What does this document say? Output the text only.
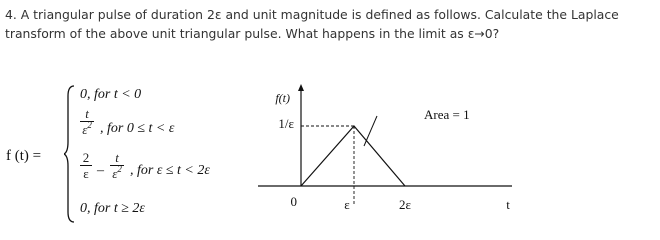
4. A triangular pulse of duration 2ε and unit magnitude is defined as follows. Calculate the Laplace transform of the above unit triangular pulse. What happens in the limit as ε→0?
f (t) =
0, for t < 0
t
$\varepsilon^2$ , for 0 ≤ t < ε
2
ε –
t
$\varepsilon^2$ , for ε ≤ t < 2ε
0, for t ≥ 2ε
f(t)
1/ε
Area = 1
0	ε	2ε	t
